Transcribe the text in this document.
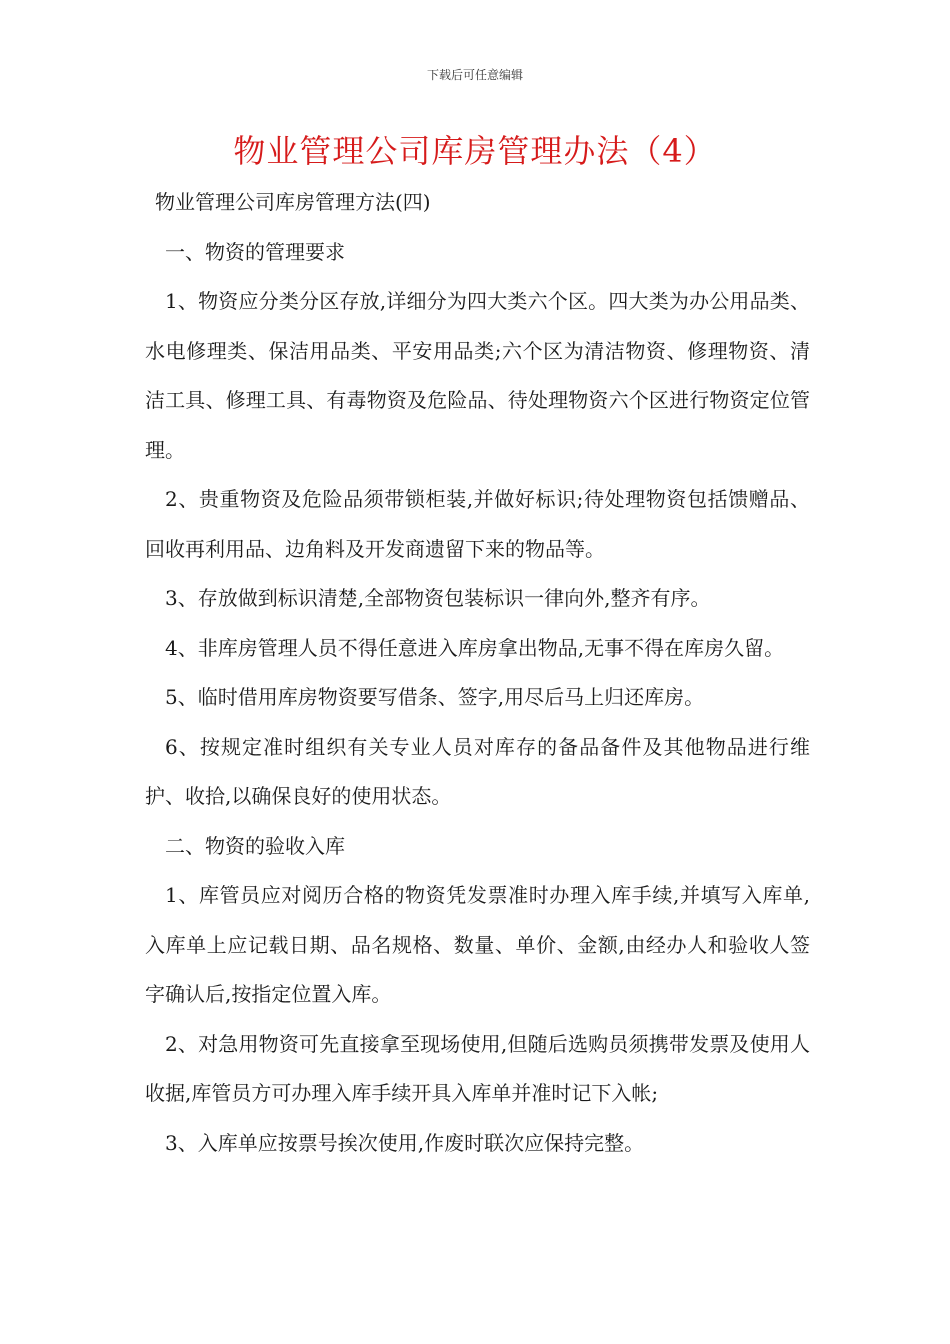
下载后可任意编辑
物业管理公司库房管理办法（4）

物业管理公司库房管理方法(四)

一、物资的管理要求

1、物资应分类分区存放,详细分为四大类六个区。四大类为办公用品类、水电修理类、保洁用品类、平安用品类;六个区为清洁物资、修理物资、清洁工具、修理工具、有毒物资及危险品、待处理物资六个区进行物资定位管理。

2、贵重物资及危险品须带锁柜装,并做好标识;待处理物资包括馈赠品、回收再利用品、边角料及开发商遗留下来的物品等。

3、存放做到标识清楚,全部物资包装标识一律向外,整齐有序。

4、非库房管理人员不得任意进入库房拿出物品,无事不得在库房久留。

5、临时借用库房物资要写借条、签字,用尽后马上归还库房。

6、按规定准时组织有关专业人员对库存的备品备件及其他物品进行维护、收拾,以确保良好的使用状态。

二、物资的验收入库

1、库管员应对阅历合格的物资凭发票准时办理入库手续,并填写入库单,入库单上应记载日期、品名规格、数量、单价、金额,由经办人和验收人签字确认后,按指定位置入库。

2、对急用物资可先直接拿至现场使用,但随后选购员须携带发票及使用人收据,库管员方可办理入库手续开具入库单并准时记下入帐;

3、入库单应按票号挨次使用,作废时联次应保持完整。
